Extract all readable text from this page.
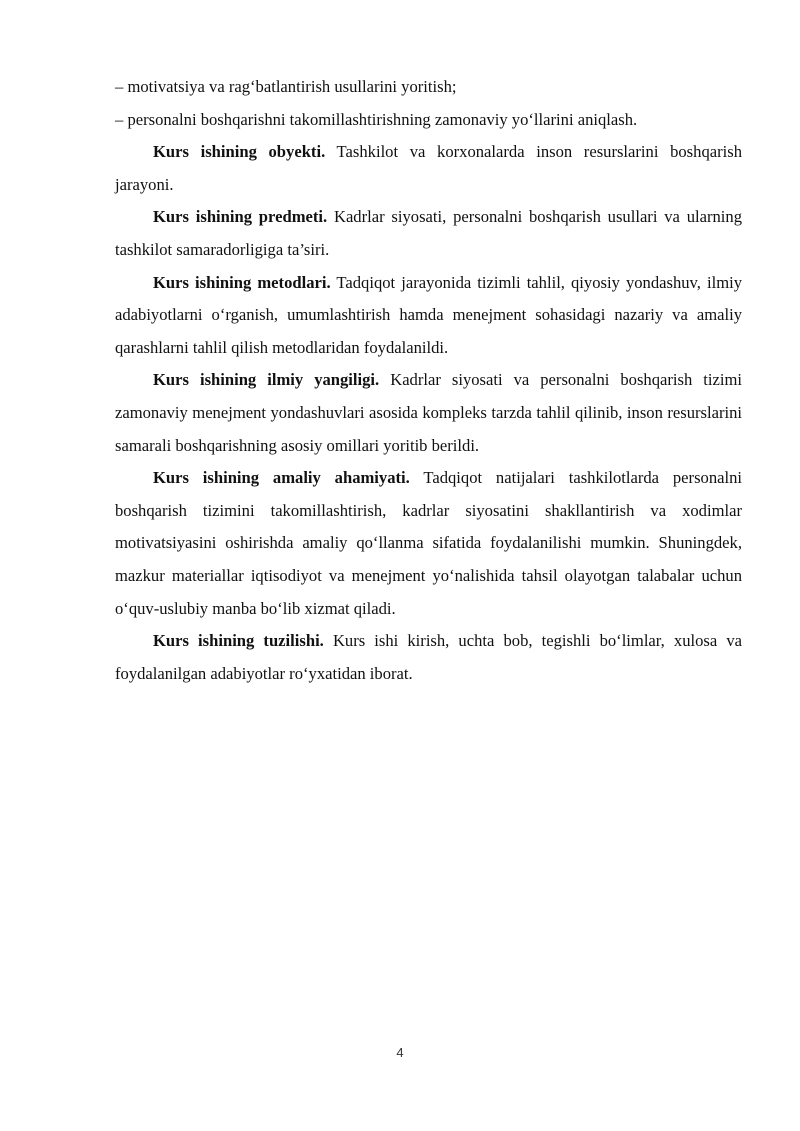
– motivatsiya va rag‘batlantirish usullarini yoritish;

– personalni boshqarishni takomillashtirishning zamonaviy yo‘llarini aniqlash.

Kurs ishining obyekti. Tashkilot va korxonalarda inson resurslarini boshqarish jarayoni.

Kurs ishining predmeti. Kadrlar siyosati, personalni boshqarish usullari va ularning tashkilot samaradorligiga ta’siri.

Kurs ishining metodlari. Tadqiqot jarayonida tizimli tahlil, qiyosiy yondashuv, ilmiy adabiyotlarni o‘rganish, umumlashtirish hamda menejment sohasidagi nazariy va amaliy qarashlarni tahlil qilish metodlaridan foydalanildi.

Kurs ishining ilmiy yangiligi. Kadrlar siyosati va personalni boshqarish tizimi zamonaviy menejment yondashuvlari asosida kompleks tarzda tahlil qilinib, inson resurslarini samarali boshqarishning asosiy omillari yoritib berildi.

Kurs ishining amaliy ahamiyati. Tadqiqot natijalari tashkilotlarda personalni boshqarish tizimini takomillashtirish, kadrlar siyosatini shakllantirish va xodimlar motivatsiyasini oshirishda amaliy qo‘llanma sifatida foydalanilishi mumkin. Shuningdek, mazkur materiallar iqtisodiyot va menejment yo‘nalishida tahsil olayotgan talabalar uchun o‘quv-uslubiy manba bo‘lib xizmat qiladi.

Kurs ishining tuzilishi. Kurs ishi kirish, uchta bob, tegishli bo‘limlar, xulosa va foydalanilgan adabiyotlar ro‘yxatidan iborat.

4
